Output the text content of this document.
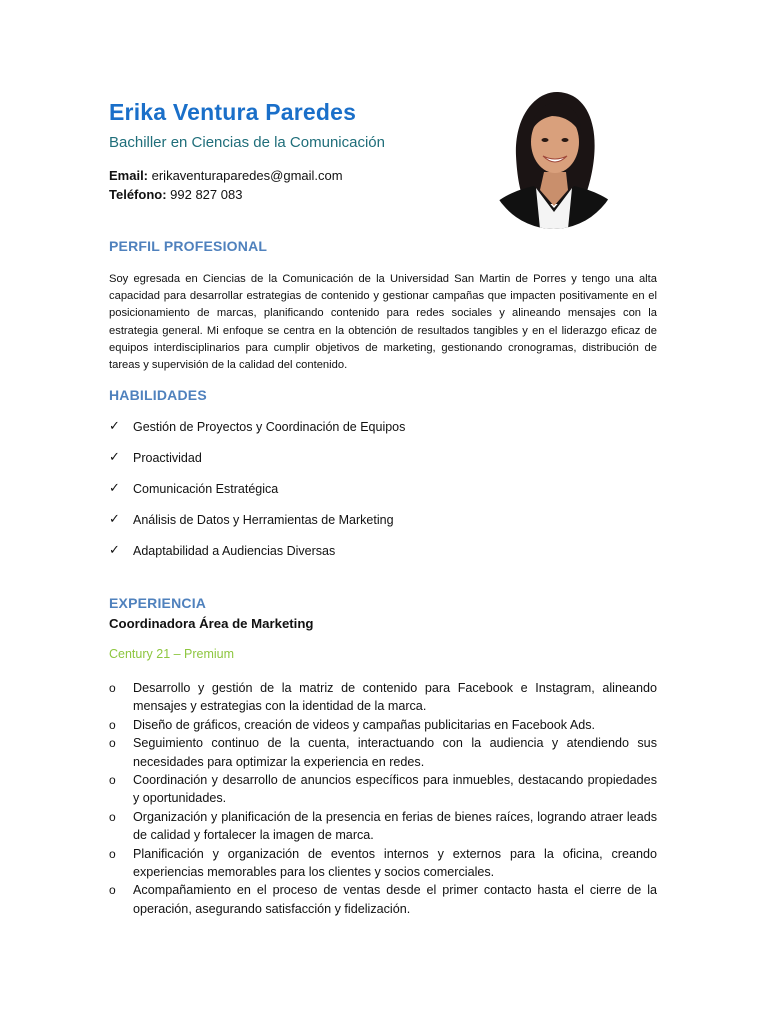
Erika Ventura Paredes
Bachiller en Ciencias de la Comunicación
Email: erikaventuraparedes@gmail.com
Teléfono: 992 827 083
PERFIL PROFESIONAL
Soy egresada en Ciencias de la Comunicación de la Universidad San Martin de Porres y tengo una alta capacidad para desarrollar estrategias de contenido y gestionar campañas que impacten positivamente en el posicionamiento de marcas, planificando contenido para redes sociales y alineando mensajes con la estrategia general. Mi enfoque se centra en la obtención de resultados tangibles y en el liderazgo eficaz de equipos interdisciplinarios para cumplir objetivos de marketing, gestionando cronogramas, distribución de tareas y supervisión de la calidad del contenido.
HABILIDADES
✓ Gestión de Proyectos y Coordinación de Equipos
✓ Proactividad
✓ Comunicación Estratégica
✓ Análisis de Datos y Herramientas de Marketing
✓ Adaptabilidad a Audiencias Diversas
EXPERIENCIA
Coordinadora Área de Marketing
Century 21 – Premium
o Desarrollo y gestión de la matriz de contenido para Facebook e Instagram, alineando mensajes y estrategias con la identidad de la marca.
o Diseño de gráficos, creación de videos y campañas publicitarias en Facebook Ads.
o Seguimiento continuo de la cuenta, interactuando con la audiencia y atendiendo sus necesidades para optimizar la experiencia en redes.
o Coordinación y desarrollo de anuncios específicos para inmuebles, destacando propiedades y oportunidades.
o Organización y planificación de la presencia en ferias de bienes raíces, logrando atraer leads de calidad y fortalecer la imagen de marca.
o Planificación y organización de eventos internos y externos para la oficina, creando experiencias memorables para los clientes y socios comerciales.
o Acompañamiento en el proceso de ventas desde el primer contacto hasta el cierre de la operación, asegurando satisfacción y fidelización.
